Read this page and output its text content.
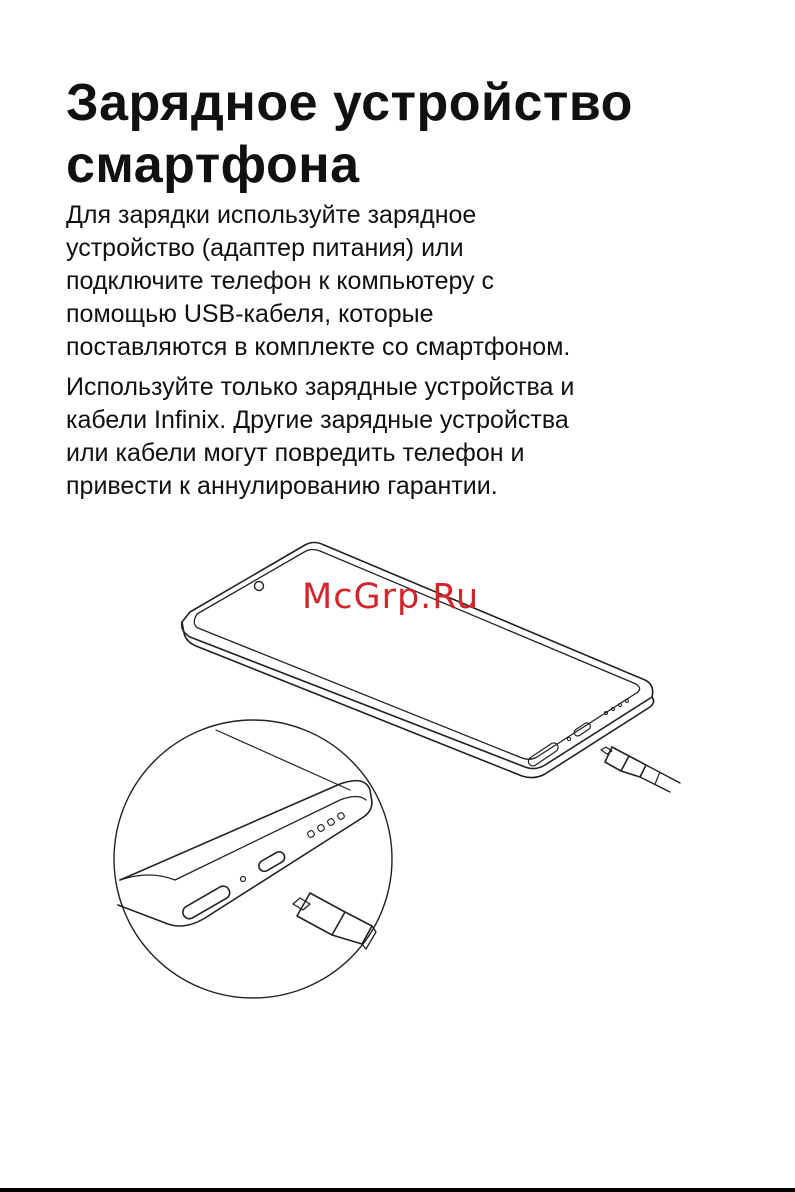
Зарядное устройство
смартфона

Для зарядки используйте зарядное
устройство (адаптер питания) или
подключите телефон к компьютеру с
помощью USB-кабеля, которые
поставляются в комплекте со смартфоном.

Используйте только зарядные устройства и
кабели Infinix. Другие зарядные устройства
или кабели могут повредить телефон и
привести к аннулированию гарантии.

McGrp.Ru
